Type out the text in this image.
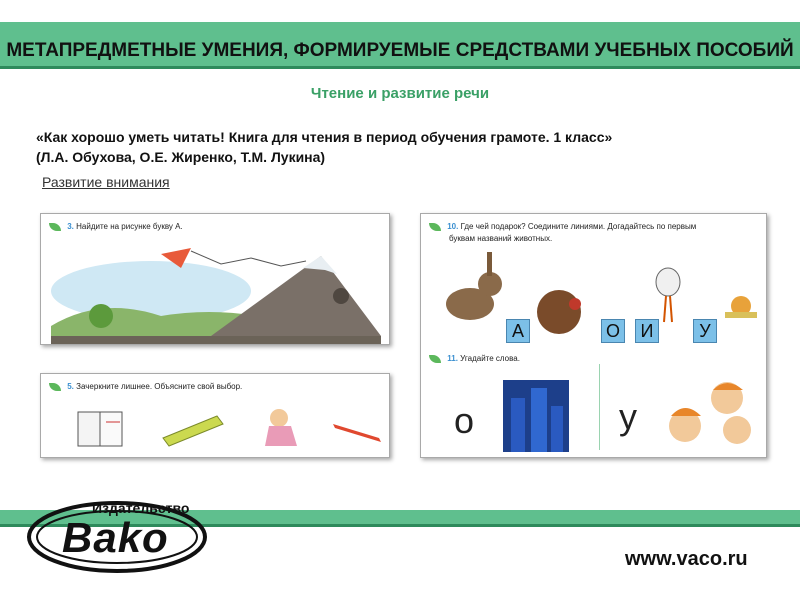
МЕТАПРЕДМЕТНЫЕ УМЕНИЯ, ФОРМИРУЕМЫЕ СРЕДСТВАМИ УЧЕБНЫХ ПОСОБИЙ
Чтение и развитие речи
«Как хорошо уметь читать! Книга для чтения в период обучения грамоте. 1 класс»
(Л.А. Обухова, О.Е. Жиренко, Т.М. Лукина)
Развитие внимания
3. Найдите на рисунке букву А.
5. Зачеркните лишнее. Объясните свой выбор.
10. Где чей подарок? Соедините линиями. Догадайтесь по первым
буквам названий животных.
А	О	И	У
11. Угадайте слова.
о	у
Издательство
Bako	www.vaco.ru
